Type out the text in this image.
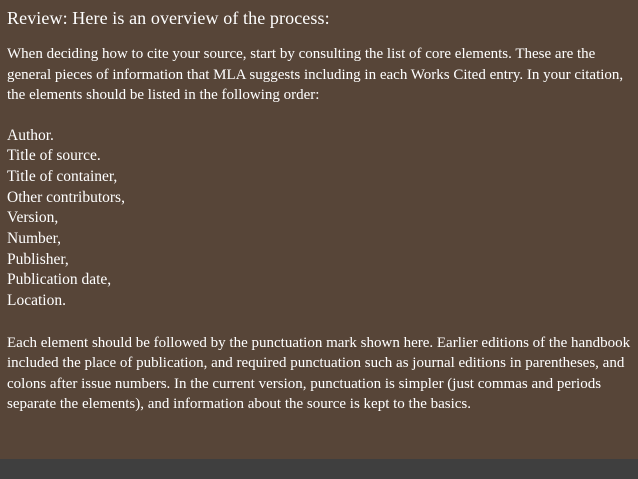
Review: Here is an overview of the process:

When deciding how to cite your source, start by consulting the list of core elements. These are the general pieces of information that MLA suggests including in each Works Cited entry. In your citation, the elements should be listed in the following order:

Author.
Title of source.
Title of container,
Other contributors,
Version,
Number,
Publisher,
Publication date,
Location.

Each element should be followed by the punctuation mark shown here. Earlier editions of the handbook included the place of publication, and required punctuation such as journal editions in parentheses, and colons after issue numbers. In the current version, punctuation is simpler (just commas and periods separate the elements), and information about the source is kept to the basics.
